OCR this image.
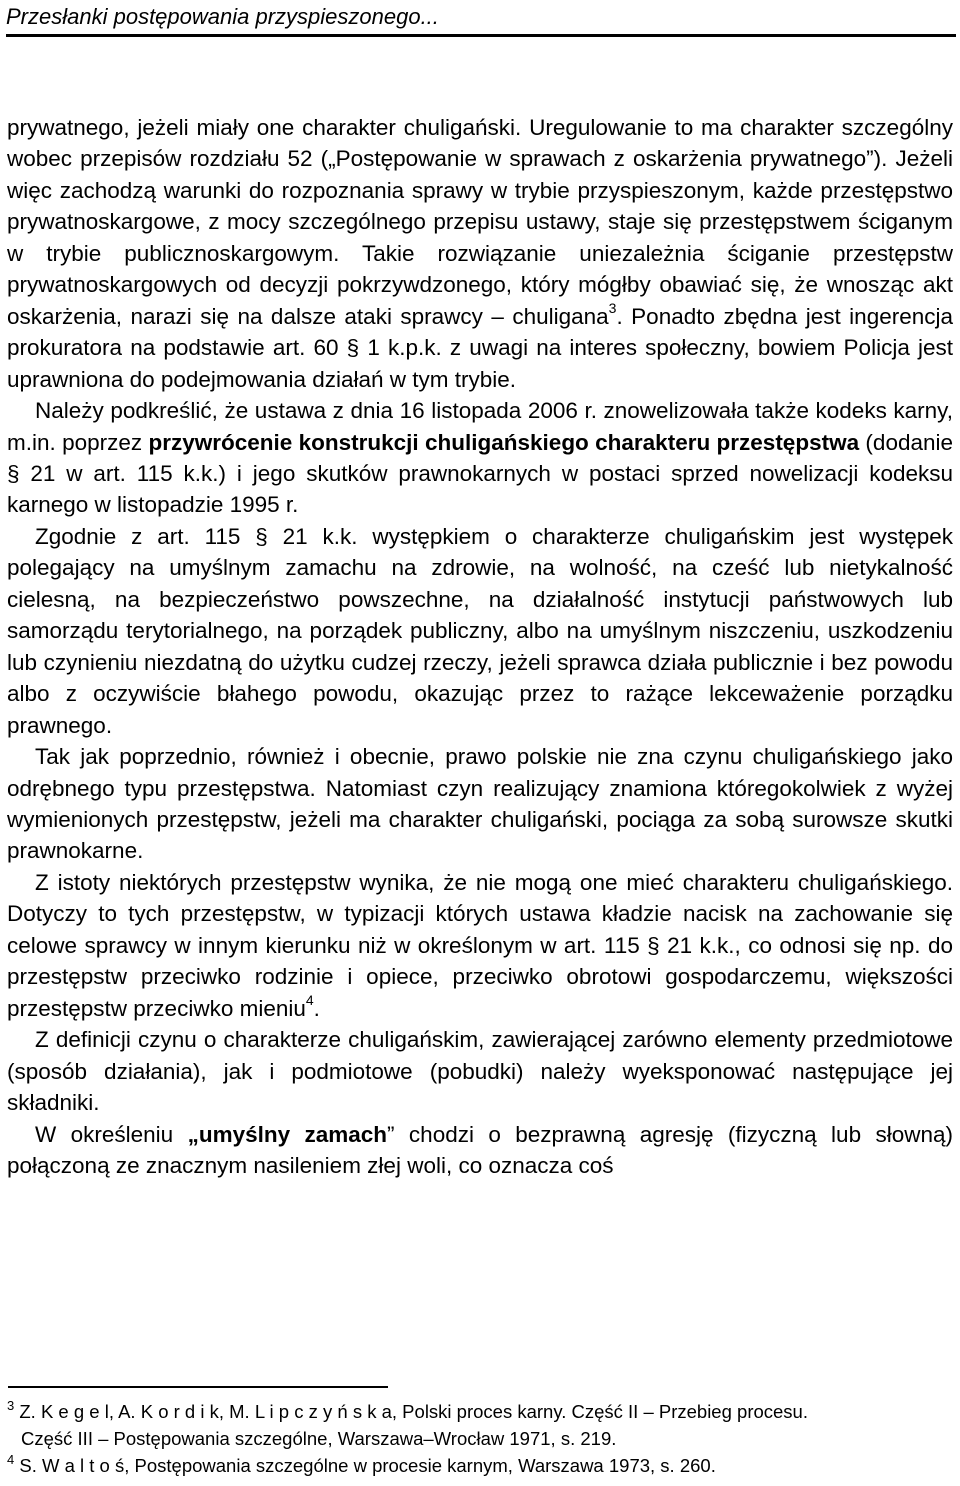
Przesłanki postępowania przyspieszonego...

prywatnego, jeżeli miały one charakter chuligański. Uregulowanie to ma charakter szczególny wobec przepisów rozdziału 52 („Postępowanie w sprawach z oskarżenia prywatnego”). Jeżeli więc zachodzą warunki do rozpoznania sprawy w trybie przyspieszonym, każde przestępstwo prywatnoskargowe, z mocy szczególnego przepisu ustawy, staje się przestępstwem ściganym w trybie publicznoskargowym. Takie rozwiązanie uniezależnia ściganie przestępstw prywatnoskargowych od decyzji pokrzywdzonego, który mógłby obawiać się, że wnosząc akt oskarżenia, narazi się na dalsze ataki sprawcy – chuligana$^3$. Ponadto zbędna jest ingerencja prokuratora na podstawie art. 60 § 1 k.p.k. z uwagi na interes społeczny, bowiem Policja jest uprawniona do podejmowania działań w tym trybie.

Należy podkreślić, że ustawa z dnia 16 listopada 2006 r. znowelizowała także kodeks karny, m.in. poprzez przywrócenie konstrukcji chuligańskiego charakteru przestępstwa (dodanie § 21 w art. 115 k.k.) i jego skutków prawnokarnych w postaci sprzed nowelizacji kodeksu karnego w listopadzie 1995 r.

Zgodnie z art. 115 § 21 k.k. występkiem o charakterze chuligańskim jest występek polegający na umyślnym zamachu na zdrowie, na wolność, na cześć lub nietykalność cielesną, na bezpieczeństwo powszechne, na działalność instytucji państwowych lub samorządu terytorialnego, na porządek publiczny, albo na umyślnym niszczeniu, uszkodzeniu lub czynieniu niezdatną do użytku cudzej rzeczy, jeżeli sprawca działa publicznie i bez powodu albo z oczywiście błahego powodu, okazując przez to rażące lekceważenie porządku prawnego.

Tak jak poprzednio, również i obecnie, prawo polskie nie zna czynu chuligańskiego jako odrębnego typu przestępstwa. Natomiast czyn realizujący znamiona któregokolwiek z wyżej wymienionych przestępstw, jeżeli ma charakter chuligański, pociąga za sobą surowsze skutki prawnokarne.

Z istoty niektórych przestępstw wynika, że nie mogą one mieć charakteru chuligańskiego. Dotyczy to tych przestępstw, w typizacji których ustawa kładzie nacisk na zachowanie się celowe sprawcy w innym kierunku niż w określonym w art. 115 § 21 k.k., co odnosi się np. do przestępstw przeciwko rodzinie i opiece, przeciwko obrotowi gospodarczemu, większości przestępstw przeciwko mieniu$^4$.

Z definicji czynu o charakterze chuligańskim, zawierającej zarówno elementy przedmiotowe (sposób działania), jak i podmiotowe (pobudki) należy wyeksponować następujące jej składniki.

W określeniu „umyślny zamach” chodzi o bezprawną agresję (fizyczną lub słowną) połączoną ze znacznym nasileniem złej woli, co oznacza coś

$^3$ Z. K e g e l, A. K o r d i k, M. L i p c z y ń s k a, Polski proces karny. Część II – Przebieg procesu.

Część III – Postępowania szczególne, Warszawa–Wrocław 1971, s. 219.

$^4$ S. W a l t o ś, Postępowania szczególne w procesie karnym, Warszawa 1973, s. 260.
